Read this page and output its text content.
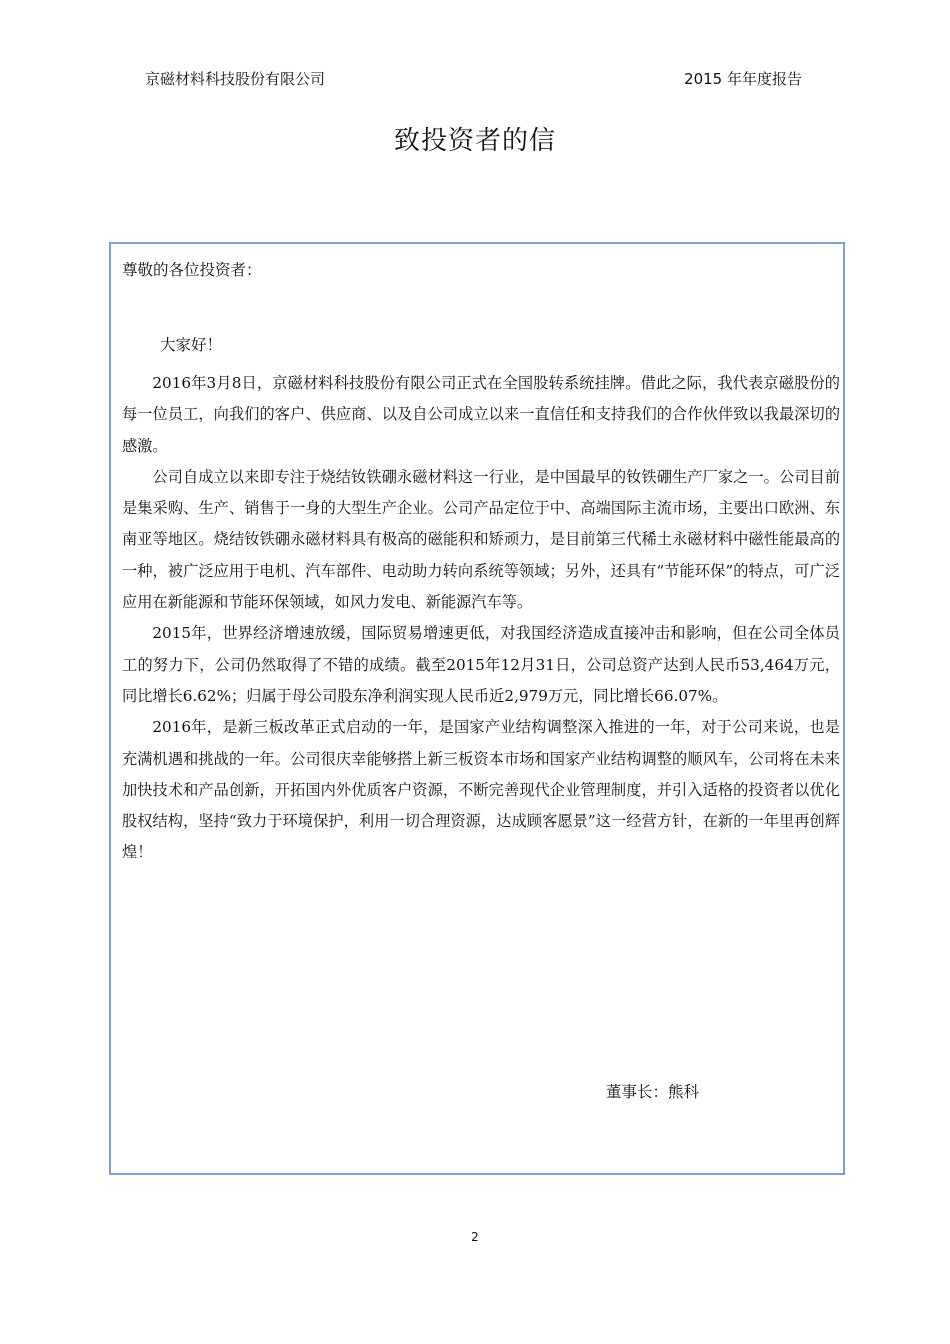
京磁材料科技股份有限公司	2015 年年度报告
致投资者的信
尊敬的各位投资者：
大家好！

2016年3月8日，京磁材料科技股份有限公司正式在全国股转系统挂牌。借此之际，我代表京磁股份的每一位员工，向我们的客户、供应商、以及自公司成立以来一直信任和支持我们的合作伙伴致以我最深切的感激。

公司自成立以来即专注于烧结钕铁硼永磁材料这一行业，是中国最早的钕铁硼生产厂家之一。公司目前是集采购、生产、销售于一身的大型生产企业。公司产品定位于中、高端国际主流市场，主要出口欧洲、东南亚等地区。烧结钕铁硼永磁材料具有极高的磁能积和矫顽力，是目前第三代稀土永磁材料中磁性能最高的一种，被广泛应用于电机、汽车部件、电动助力转向系统等领域；另外，还具有“节能环保”的特点，可广泛应用在新能源和节能环保领域，如风力发电、新能源汽车等。

2015年，世界经济增速放缓，国际贸易增速更低，对我国经济造成直接冲击和影响，但在公司全体员工的努力下，公司仍然取得了不错的成绩。截至2015年12月31日，公司总资产达到人民币53,464万元，同比增长6.62%；归属于母公司股东净利润实现人民币近2,979万元，同比增长66.07%。

2016年，是新三板改革正式启动的一年，是国家产业结构调整深入推进的一年，对于公司来说，也是充满机遇和挑战的一年。公司很庆幸能够搭上新三板资本市场和国家产业结构调整的顺风车，公司将在未来加快技术和产品创新，开拓国内外优质客户资源，不断完善现代企业管理制度，并引入适格的投资者以优化股权结构，坚持“致力于环境保护，利用一切合理资源，达成顾客愿景”这一经营方针，在新的一年里再创辉煌！

董事长：熊科
2
